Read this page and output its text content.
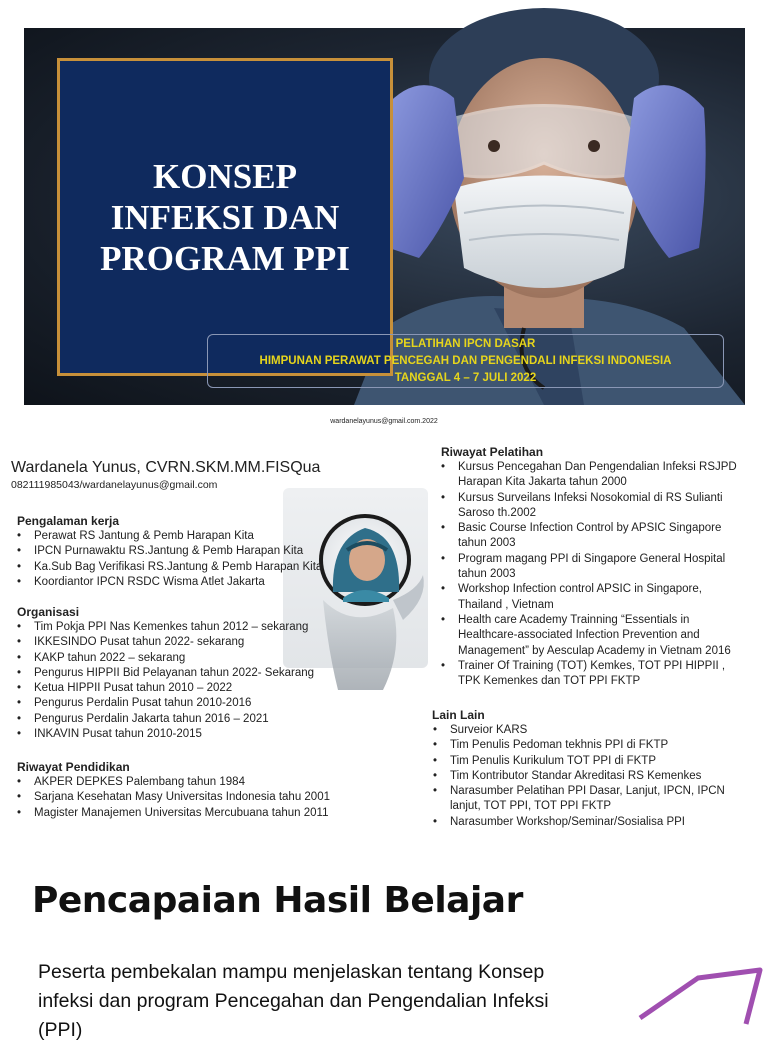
KONSEP
INFEKSI DAN
PROGRAM PPI
PELATIHAN IPCN DASAR
HIMPUNAN PERAWAT PENCEGAH DAN PENGENDALI INFEKSI INDONESIA
TANGGAL 4 – 7 JULI 2022
wardanelayunus@gmail.com.2022
Wardanela Yunus, CVRN.SKM.MM.FISQua
082111985043/wardanelayunus@gmail.com
Pengalaman kerja
• Perawat RS Jantung & Pemb Harapan Kita
• IPCN Purnawaktu RS.Jantung & Pemb Harapan Kita
• Ka.Sub Bag Verifikasi RS.Jantung & Pemb Harapan Kita
• Koordiantor IPCN RSDC Wisma Atlet Jakarta
Organisasi
• Tim Pokja PPI Nas Kemenkes tahun 2012 – sekarang
• IKKESINDO Pusat tahun 2022- sekarang
• KAKP tahun 2022 – sekarang
• Pengurus HIPPII Bid Pelayanan tahun 2022- Sekarang
• Ketua HIPPII Pusat tahun 2010 – 2022
• Pengurus Perdalin Pusat tahun 2010-2016
• Pengurus Perdalin Jakarta tahun 2016 – 2021
• INKAVIN Pusat tahun 2010-2015
Riwayat Pendidikan
• AKPER DEPKES Palembang tahun 1984
• Sarjana Kesehatan Masy Universitas Indonesia tahu 2001
• Magister Manajemen Universitas Mercubuana tahun 2011
Riwayat Pelatihan
• Kursus Pencegahan Dan Pengendalian Infeksi RSJPD Harapan Kita Jakarta tahun 2000
• Kursus Surveilans Infeksi Nosokomial di RS Sulianti Saroso th.2002
• Basic Course Infection Control by APSIC Singapore tahun 2003
• Program magang PPI di Singapore General Hospital tahun 2003
• Workshop Infection control APSIC in Singapore, Thailand , Vietnam
• Health care Academy Trainning “Essentials in Healthcare-associated Infection Prevention and Management” by Aesculap Academy in Vietnam 2016
• Trainer Of Training (TOT) Kemkes, TOT PPI HIPPII , TPK Kemenkes dan TOT PPI FKTP
Lain Lain
• Surveior KARS
• Tim Penulis Pedoman tekhnis PPI di FKTP
• Tim Penulis Kurikulum TOT PPI di FKTP
• Tim Kontributor Standar Akreditasi RS Kemenkes
• Narasumber Pelatihan PPI Dasar, Lanjut, IPCN, IPCN lanjut, TOT PPI, TOT PPI FKTP
• Narasumber Workshop/Seminar/Sosialisa PPI
Pencapaian Hasil Belajar
Peserta pembekalan mampu menjelaskan tentang Konsep
infeksi dan program Pencegahan dan Pengendalian Infeksi
(PPI)
